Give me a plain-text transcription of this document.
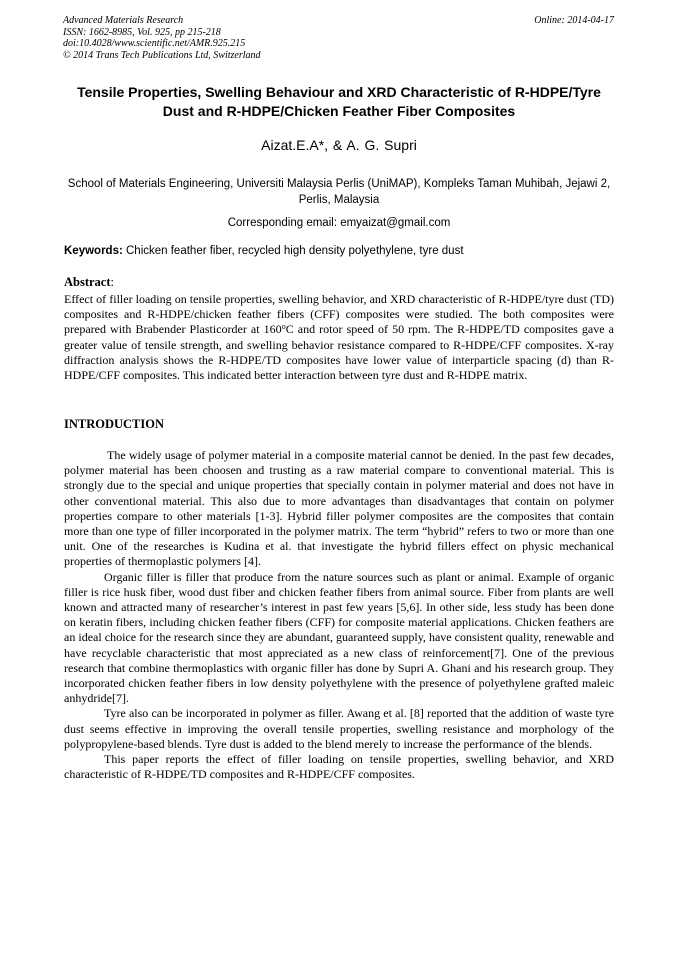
Advanced Materials Research
ISSN: 1662-8985, Vol. 925, pp 215-218
doi:10.4028/www.scientific.net/AMR.925.215
© 2014 Trans Tech Publications Ltd, Switzerland
Online: 2014-04-17
Tensile Properties, Swelling Behaviour and XRD Characteristic of R-HDPE/Tyre Dust and R-HDPE/Chicken Feather Fiber Composites
Aizat.E.A*, & A. G. Supri
School of Materials Engineering, Universiti Malaysia Perlis (UniMAP), Kompleks Taman Muhibah, Jejawi 2, Perlis, Malaysia
Corresponding email: emyaizat@gmail.com
Keywords: Chicken feather fiber, recycled high density polyethylene, tyre dust
Abstract:
Effect of filler loading on tensile properties, swelling behavior, and XRD characteristic of R-HDPE/tyre dust (TD) composites and R-HDPE/chicken feather fibers (CFF) composites were studied. The both composites were prepared with Brabender Plasticorder at 160$^o$C and rotor speed of 50 rpm. The R-HDPE/TD composites gave a greater value of tensile strength, and swelling behavior resistance compared to R-HDPE/CFF composites. X-ray diffraction analysis shows the R-HDPE/TD composites have lower value of interparticle spacing (d) than R-HDPE/CFF composites. This indicated better interaction between tyre dust and R-HDPE matrix.
INTRODUCTION

The widely usage of polymer material in a composite material cannot be denied. In the past few decades, polymer material has been choosen and trusting as a raw material compare to conventional material. This is strongly due to the special and unique properties that specially contain in polymer material and does not have in other conventional material. This also due to more advantages than disadvantages that contain on polymer properties compare to other materials [1-3]. Hybrid filler polymer composites are the composites that contain more than one type of filler incorporated in the polymer matrix. The term “hybrid” refers to two or more than one unit. One of the researches is Kudina et al. that investigate the hybrid fillers effect on physic mechanical properties of thermoplastic polymers [4].

Organic filler is filler that produce from the nature sources such as plant or animal. Example of organic filler is rice husk fiber, wood dust fiber and chicken feather fibers from animal source. Fiber from plants are well known and attracted many of researcher’s interest in past few years [5,6]. In other side, less study has been done on keratin fibers, including chicken feather fibers (CFF) for composite material applications. Chicken feathers are an ideal choice for the research since they are abundant, guaranteed supply, have consistent quality, renewable and have recyclable characteristic that most appreciated as a new class of reinforcement[7]. One of the previous research that combine thermoplastics with organic filler has done by Supri A. Ghani and his research group. They incorporated chicken feather fibers in low density polyethylene with the presence of polyethylene grafted maleic anhydride[7].

Tyre also can be incorporated in polymer as filler. Awang et al. [8] reported that the addition of waste tyre dust seems effective in improving the overall tensile properties, swelling resistance and morphology of the polypropylene-based blends. Tyre dust is added to the blend merely to increase the performance of the blends.

This paper reports the effect of filler loading on tensile properties, swelling behavior, and XRD characteristic of R-HDPE/TD composites and R-HDPE/CFF composites.
